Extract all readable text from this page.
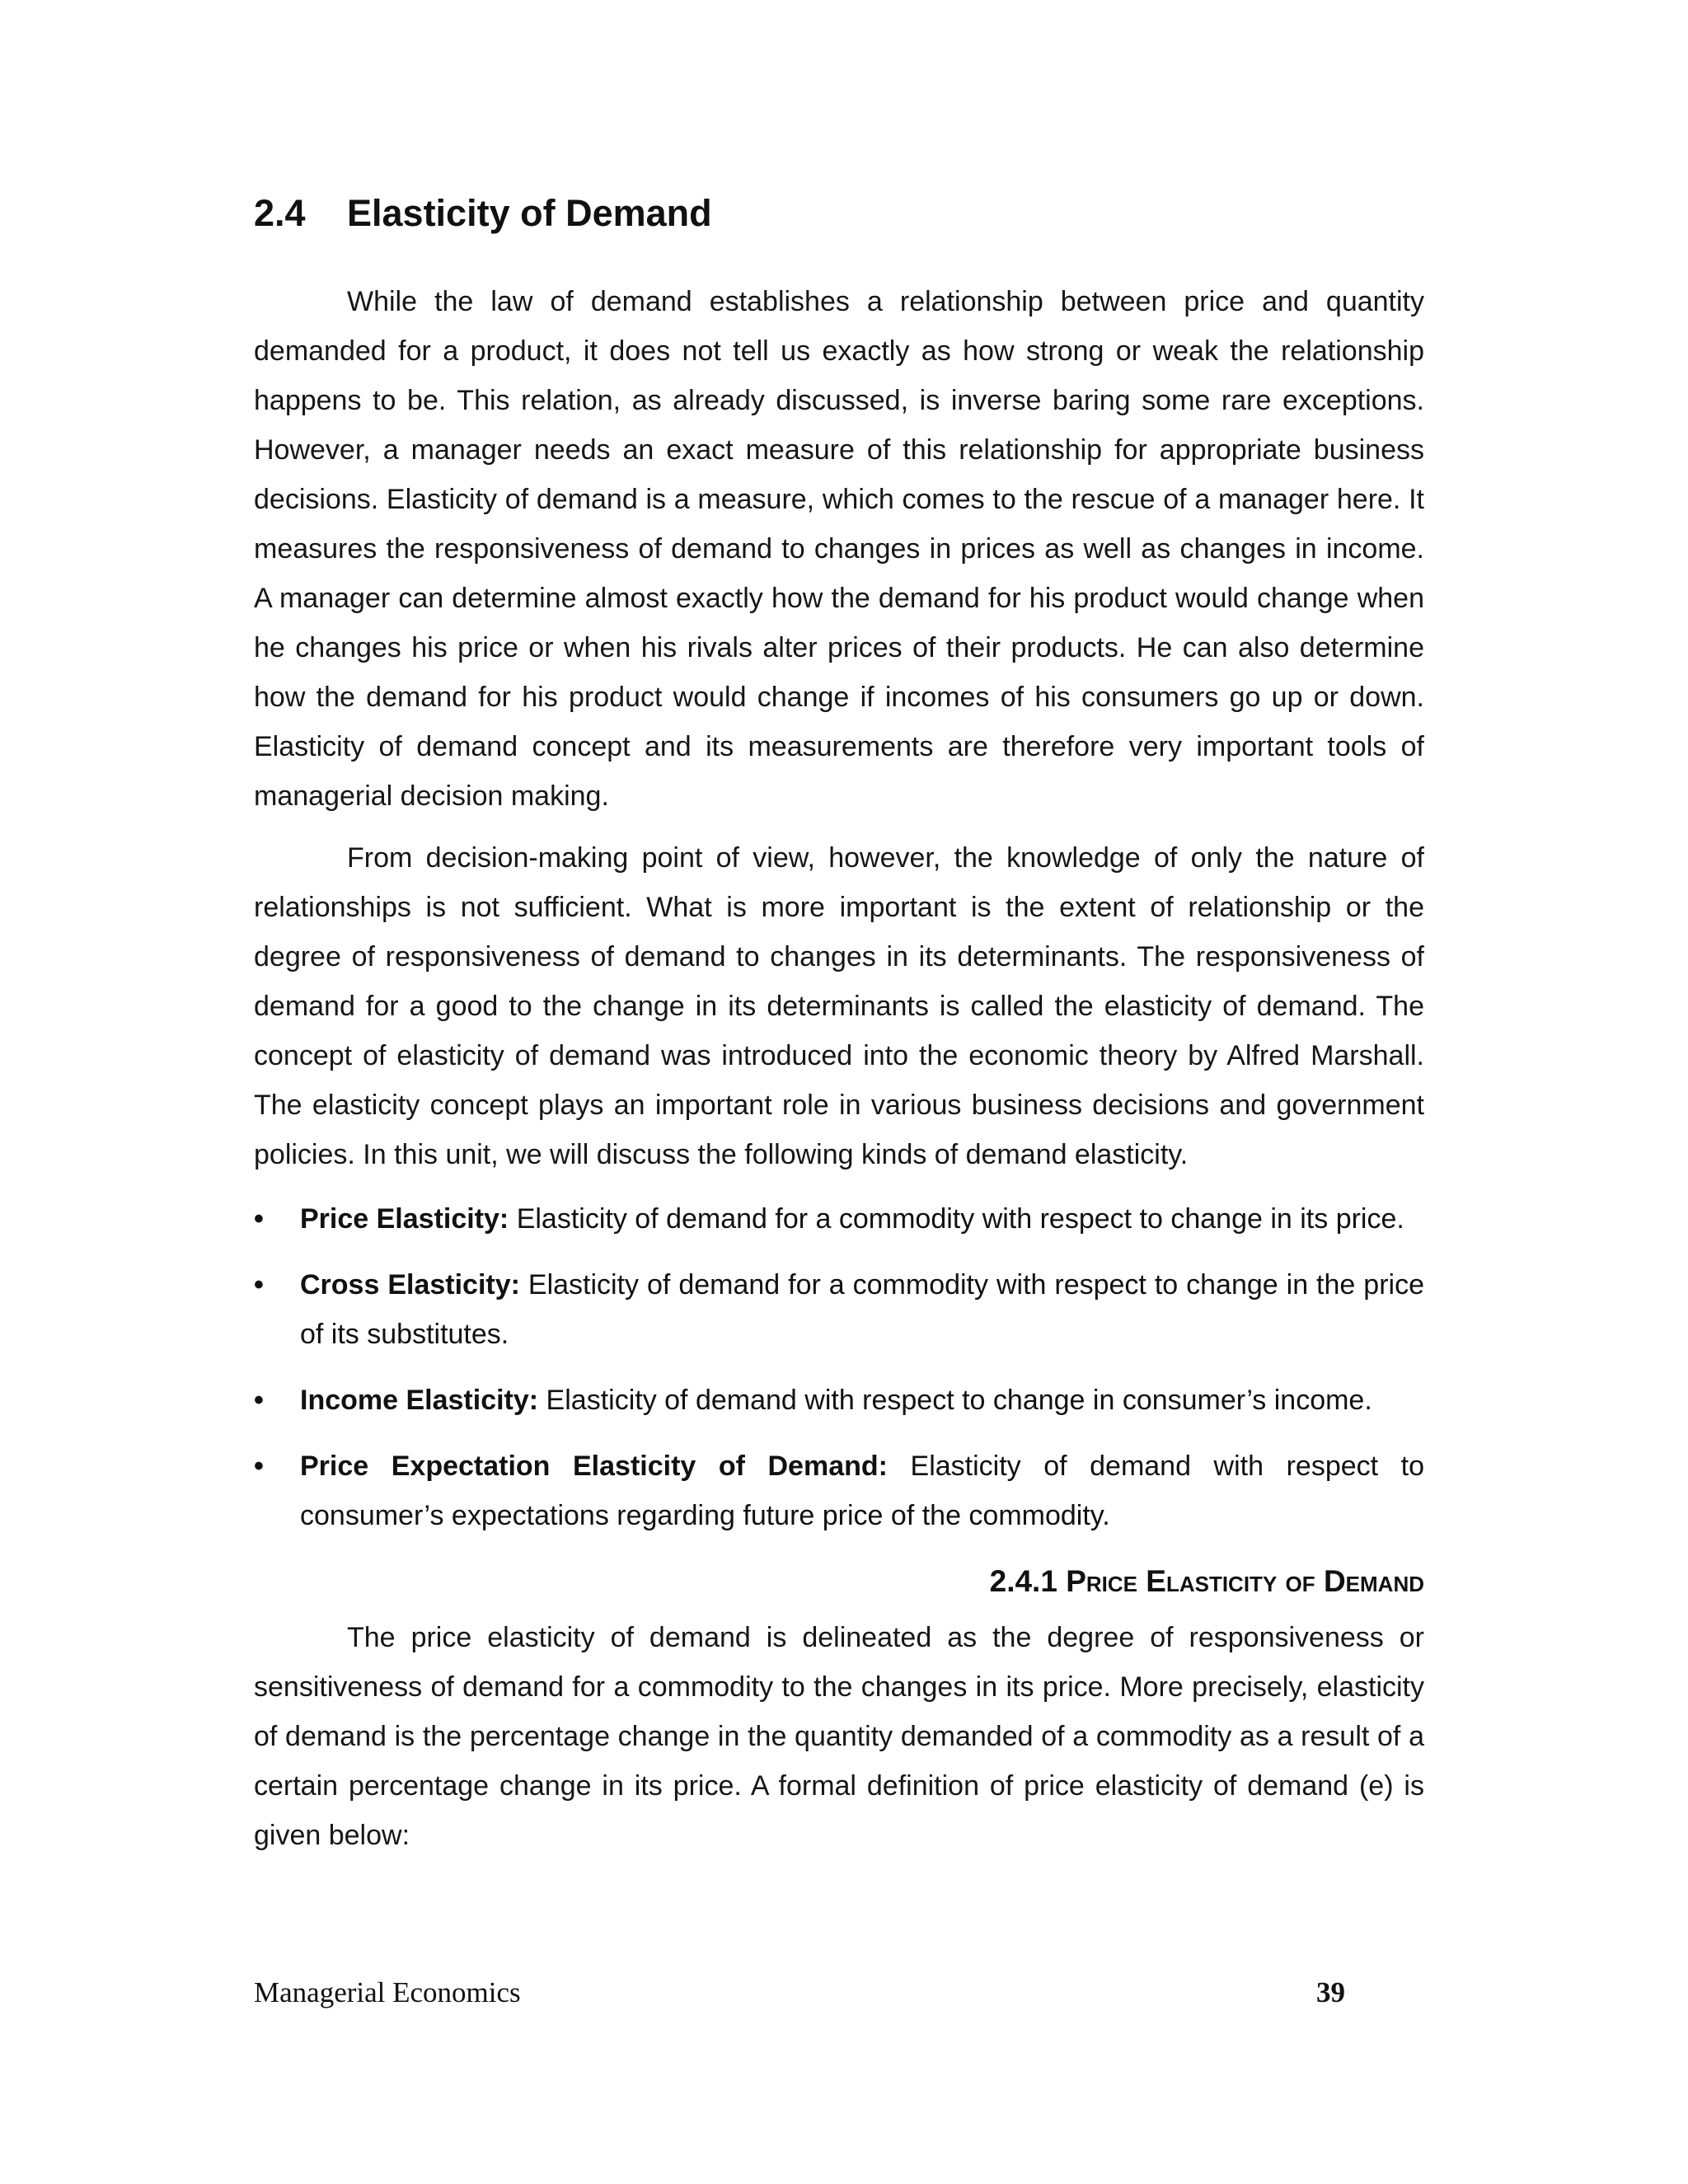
2.4 Elasticity of Demand

While the law of demand establishes a relationship between price and quantity demanded for a product, it does not tell us exactly as how strong or weak the relationship happens to be. This relation, as already discussed, is inverse baring some rare exceptions. However, a manager needs an exact measure of this relationship for appropriate business decisions. Elasticity of demand is a measure, which comes to the rescue of a manager here. It measures the responsiveness of demand to changes in prices as well as changes in income. A manager can determine almost exactly how the demand for his product would change when he changes his price or when his rivals alter prices of their products. He can also determine how the demand for his product would change if incomes of his consumers go up or down. Elasticity of demand concept and its measurements are therefore very important tools of managerial decision making.

From decision-making point of view, however, the knowledge of only the nature of relationships is not sufficient. What is more important is the extent of relationship or the degree of responsiveness of demand to changes in its determinants. The responsiveness of demand for a good to the change in its determinants is called the elasticity of demand. The concept of elasticity of demand was introduced into the economic theory by Alfred Marshall. The elasticity concept plays an important role in various business decisions and government policies. In this unit, we will discuss the following kinds of demand elasticity.

• Price Elasticity: Elasticity of demand for a commodity with respect to change in its price.
• Cross Elasticity: Elasticity of demand for a commodity with respect to change in the price of its substitutes.
• Income Elasticity: Elasticity of demand with respect to change in consumer’s income.
• Price Expectation Elasticity of Demand: Elasticity of demand with respect to consumer’s expectations regarding future price of the commodity.
2.4.1 Price Elasticity of Demand

The price elasticity of demand is delineated as the degree of responsiveness or sensitiveness of demand for a commodity to the changes in its price. More precisely, elasticity of demand is the percentage change in the quantity demanded of a commodity as a result of a certain percentage change in its price. A formal definition of price elasticity of demand (e) is given below:

Managerial Economics	39
